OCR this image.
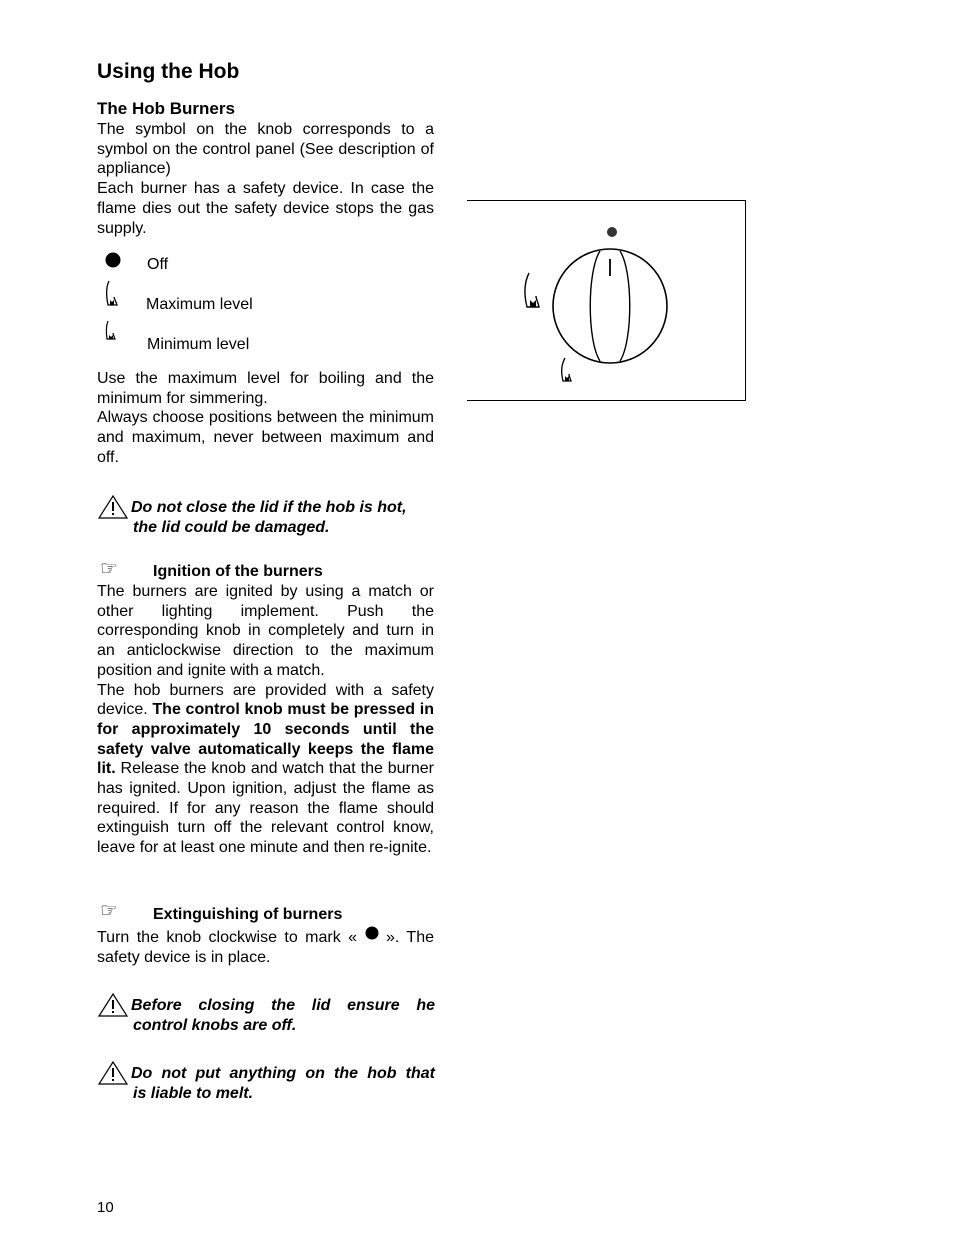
Using the Hob
The Hob Burners

The symbol on the knob corresponds to a symbol on the control panel (See description of appliance)

Each burner has a safety device. In case the flame dies out the safety device stops the gas supply.

Off
Maximum level
Minimum level

Use the maximum level for boiling and the minimum for simmering.

Always choose positions between the minimum and maximum, never between maximum and off.

Do not close the lid if the hob is hot,
the lid could be damaged.
☞ Ignition of the burners

The burners are ignited by using a match or other lighting implement. Push the corresponding knob in completely and turn in an anticlockwise direction to the maximum position and ignite with a match.

The hob burners are provided with a safety device. The control knob must be pressed in for approximately 10 seconds until the safety valve automatically keeps the flame lit. Release the knob and watch that the burner has ignited. Upon ignition, adjust the flame as required. If for any reason the flame should extinguish turn off the relevant control know, leave for at least one minute and then re-ignite.

☞ Extinguishing of burners

Turn the knob clockwise to mark « ». The safety device is in place.

Before closing the lid ensure he
control knobs are off.
Do not put anything on the hob that
is liable to melt.
10
